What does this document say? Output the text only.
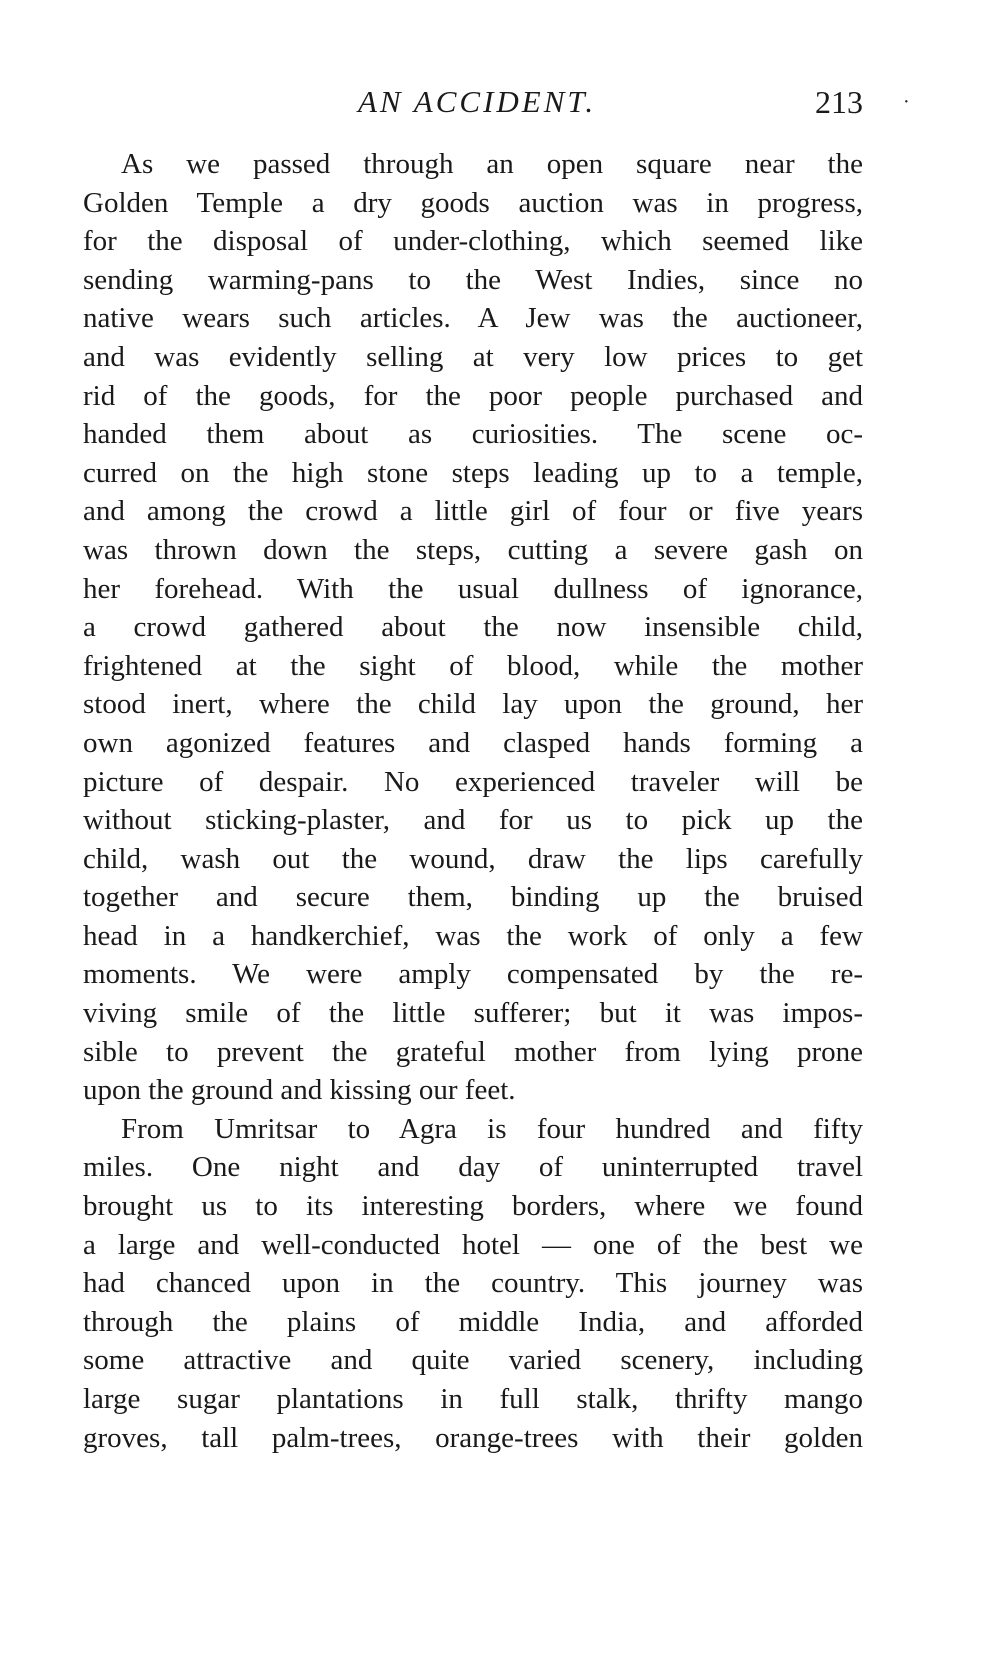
AN ACCIDENT.	213 ·
As we passed through an open square near the
Golden Temple a dry goods auction was in progress,
for the disposal of under-clothing, which seemed like
sending warming-pans to the West Indies, since no
native wears such articles. A Jew was the auctioneer,
and was evidently selling at very low prices to get
rid of the goods, for the poor people purchased and
handed them about as curiosities. The scene oc-
curred on the high stone steps leading up to a temple,
and among the crowd a little girl of four or five years
was thrown down the steps, cutting a severe gash on
her forehead. With the usual dullness of ignorance,
a crowd gathered about the now insensible child,
frightened at the sight of blood, while the mother
stood inert, where the child lay upon the ground, her
own agonized features and clasped hands forming a
picture of despair. No experienced traveler will be
without sticking-plaster, and for us to pick up the
child, wash out the wound, draw the lips carefully
together and secure them, binding up the bruised
head in a handkerchief, was the work of only a few
moments. We were amply compensated by the re-
viving smile of the little sufferer; but it was impos-
sible to prevent the grateful mother from lying prone
upon the ground and kissing our feet.
From Umritsar to Agra is four hundred and fifty
miles. One night and day of uninterrupted travel
brought us to its interesting borders, where we found
a large and well-conducted hotel — one of the best we
had chanced upon in the country. This journey was
through the plains of middle India, and afforded
some attractive and quite varied scenery, including
large sugar plantations in full stalk, thrifty mango
groves, tall palm-trees, orange-trees with their golden
